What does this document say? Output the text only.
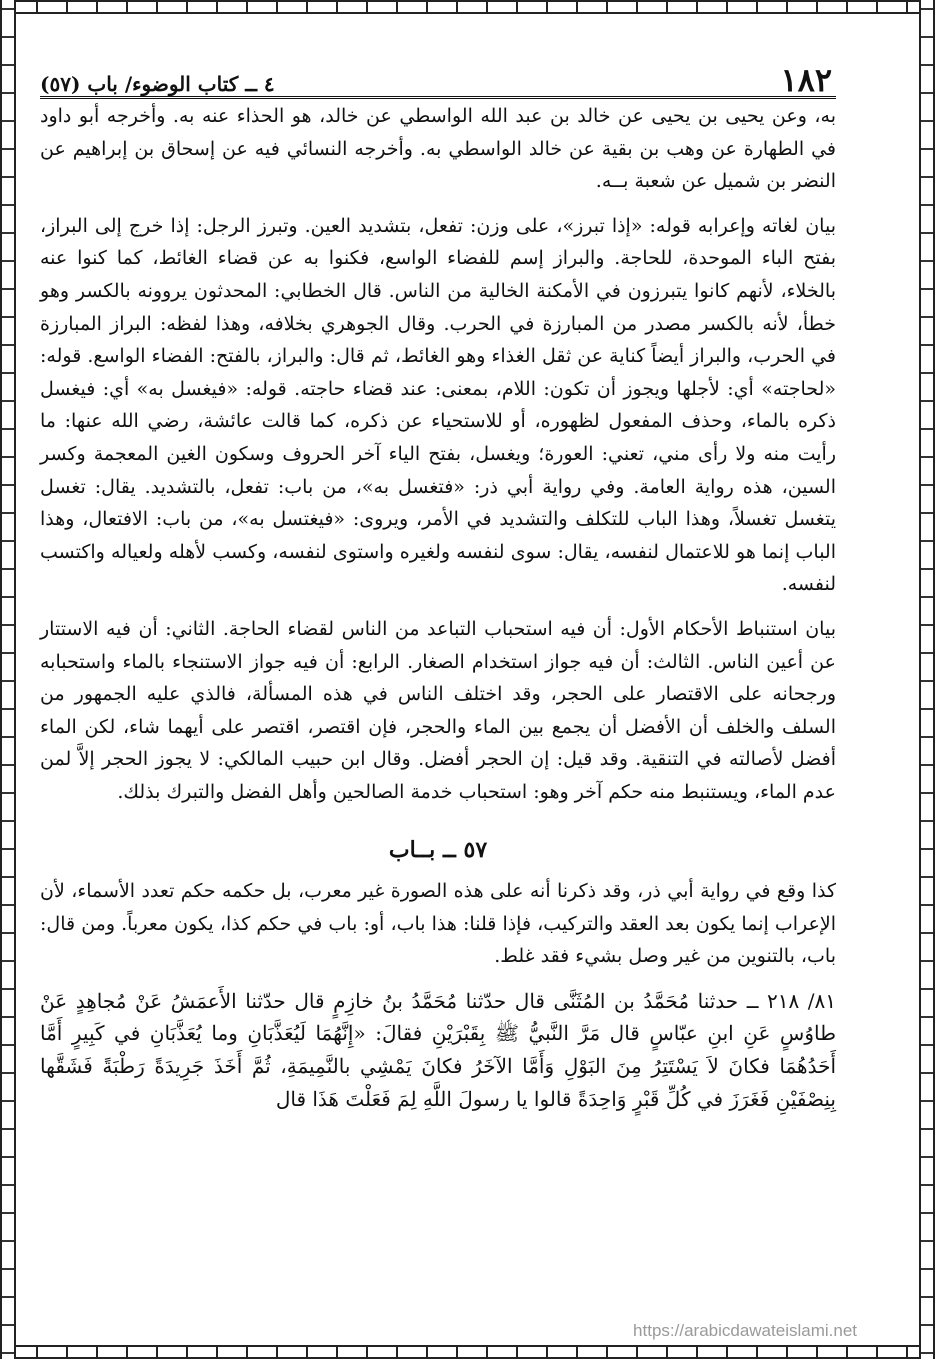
١٨٢
٤ ــ كتاب الوضوء/ باب (٥٧)

به، وعن يحيى بن يحيى عن خالد بن عبد الله الواسطي عن خالد، هو الحذاء عنه به. وأخرجه أبو داود في الطهارة عن وهب بن بقية عن خالد الواسطي به. وأخرجه النسائي فيه عن إسحاق بن إبراهيم عن النضر بن شميل عن شعبة بــه.

بيان لغاته وإعرابه قوله: «إذا تبرز»، على وزن: تفعل، بتشديد العين. وتبرز الرجل: إذا خرج إلى البراز، بفتح الباء الموحدة، للحاجة. والبراز إسم للفضاء الواسع، فكنوا به عن قضاء الغائط، كما كنوا عنه بالخلاء، لأنهم كانوا يتبرزون في الأمكنة الخالية من الناس. قال الخطابي: المحدثون يروونه بالكسر وهو خطأ، لأنه بالكسر مصدر من المبارزة في الحرب. وقال الجوهري بخلافه، وهذا لفظه: البراز المبارزة في الحرب، والبراز أيضاً كناية عن ثقل الغذاء وهو الغائط، ثم قال: والبراز، بالفتح: الفضاء الواسع. قوله: «لحاجته» أي: لأجلها ويجوز أن تكون: اللام، بمعنى: عند قضاء حاجته. قوله: «فيغسل به» أي: فيغسل ذكره بالماء، وحذف المفعول لظهوره، أو للاستحياء عن ذكره، كما قالت عائشة، رضي الله عنها: ما رأيت منه ولا رأى مني، تعني: العورة؛ ويغسل، بفتح الياء آخر الحروف وسكون الغين المعجمة وكسر السين، هذه رواية العامة. وفي رواية أبي ذر: «فتغسل به»، من باب: تفعل، بالتشديد. يقال: تغسل يتغسل تغسلاً، وهذا الباب للتكلف والتشديد في الأمر، ويروى: «فيغتسل به»، من باب: الافتعال، وهذا الباب إنما هو للاعتمال لنفسه، يقال: سوى لنفسه ولغيره واستوى لنفسه، وكسب لأهله ولعياله واكتسب لنفسه.

بيان استنباط الأحكام الأول: أن فيه استحباب التباعد من الناس لقضاء الحاجة. الثاني: أن فيه الاستتار عن أعين الناس. الثالث: أن فيه جواز استخدام الصغار. الرابع: أن فيه جواز الاستنجاء بالماء واستحبابه ورجحانه على الاقتصار على الحجر، وقد اختلف الناس في هذه المسألة، فالذي عليه الجمهور من السلف والخلف أن الأفضل أن يجمع بين الماء والحجر، فإن اقتصر، اقتصر على أيهما شاء، لكن الماء أفضل لأصالته في التنقية. وقد قيل: إن الحجر أفضل. وقال ابن حبيب المالكي: لا يجوز الحجر إلاَّ لمن عدم الماء، ويستنبط منه حكم آخر وهو: استحباب خدمة الصالحين وأهل الفضل والتبرك بذلك.

٥٧ ــ بــاب

كذا وقع في رواية أبي ذر، وقد ذكرنا أنه على هذه الصورة غير معرب، بل حكمه حكم تعدد الأسماء، لأن الإعراب إنما يكون بعد العقد والتركيب، فإذا قلنا: هذا باب، أو: باب في حكم كذا، يكون معرباً. ومن قال: باب، بالتنوين من غير وصل بشيء فقد غلط.

٨١/ ٢١٨ ــ حدثنا مُحَمَّدُ بن المُثَنَّى قال حدّثنا مُحَمَّدُ بنُ خازِمٍ قال حدّثنا الأَعمَشُ عَنْ مُجاهِدٍ عَنْ طاوُسٍ عَنِ ابنِ عبّاسٍ قال مَرَّ النَّبيُّ ﷺ بِقَبْرَيْنِ فقالَ: «إِنَّهُمَا لَيُعَذَّبَانِ وما يُعَذَّبَانِ في كَبِيرٍ أَمَّا أَحَدُهُمَا فكانَ لاَ يَسْتَتِرُ مِنَ البَوْلِ وَأَمَّا الآخَرُ فكانَ يَمْشِي بالنَّمِيمَةِ، ثُمَّ أَخَذَ جَرِيدَةً رَطْبَةً فَشَقَّها بِنِصْفَيْنِ فَغَرَزَ في كُلِّ قَبْرٍ وَاحِدَةً قالوا يا رسولَ اللَّهِ لِمَ فَعَلْتَ هَذَا قال

https://arabicdawateislami.net
